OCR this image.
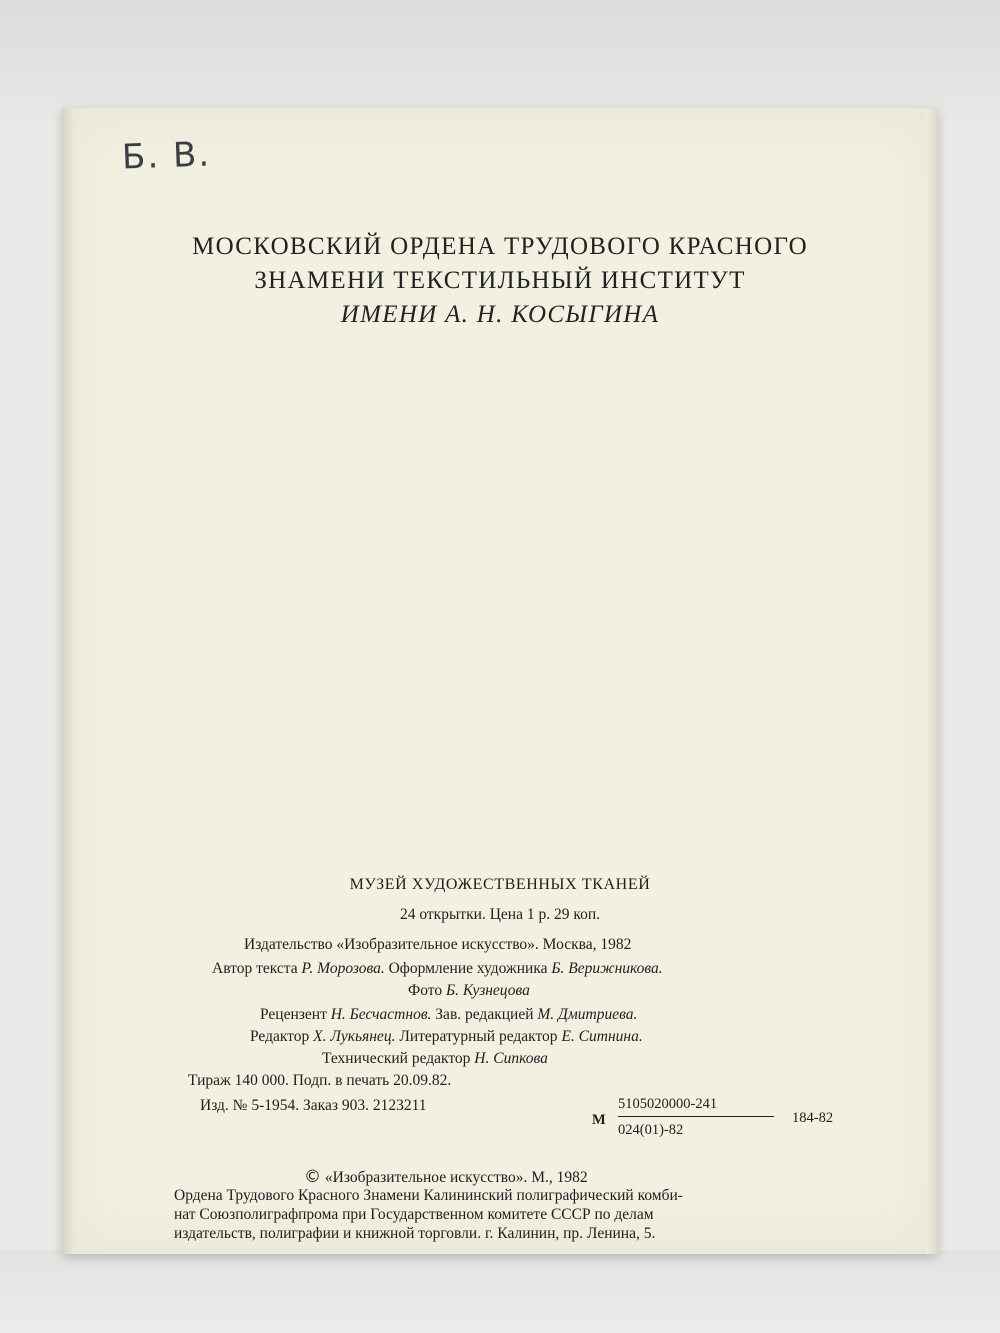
Б. В.
МОСКОВСКИЙ ОРДЕНА ТРУДОВОГО КРАСНОГО
ЗНАМЕНИ ТЕКСТИЛЬНЫЙ ИНСТИТУТ
ИМЕНИ А. Н. КОСЫГИНА
МУЗЕЙ ХУДОЖЕСТВЕННЫХ ТКАНЕЙ
24 открытки. Цена 1 р. 29 коп.
Издательство «Изобразительное искусство». Москва, 1982
Автор текста Р. Морозова. Оформление художника Б. Верижникова.
Фото Б. Кузнецова
Рецензент Н. Бесчастнов. Зав. редакцией М. Дмитриева.
Редактор Х. Лукьянец. Литературный редактор Е. Ситнина.
Технический редактор Н. Сипкова
Тираж 140 000. Подп. в печать 20.09.82.
Изд. № 5-1954. Заказ 903. 2123211
М
5105020000-241
024(01)-82
184-82
© «Изобразительное искусство». М., 1982
Ордена Трудового Красного Знамени Калининский полиграфический комби-
нат Союзполиграфпрома при Государственном комитете СССР по делам
издательств, полиграфии и книжной торговли. г. Калинин, пр. Ленина, 5.
